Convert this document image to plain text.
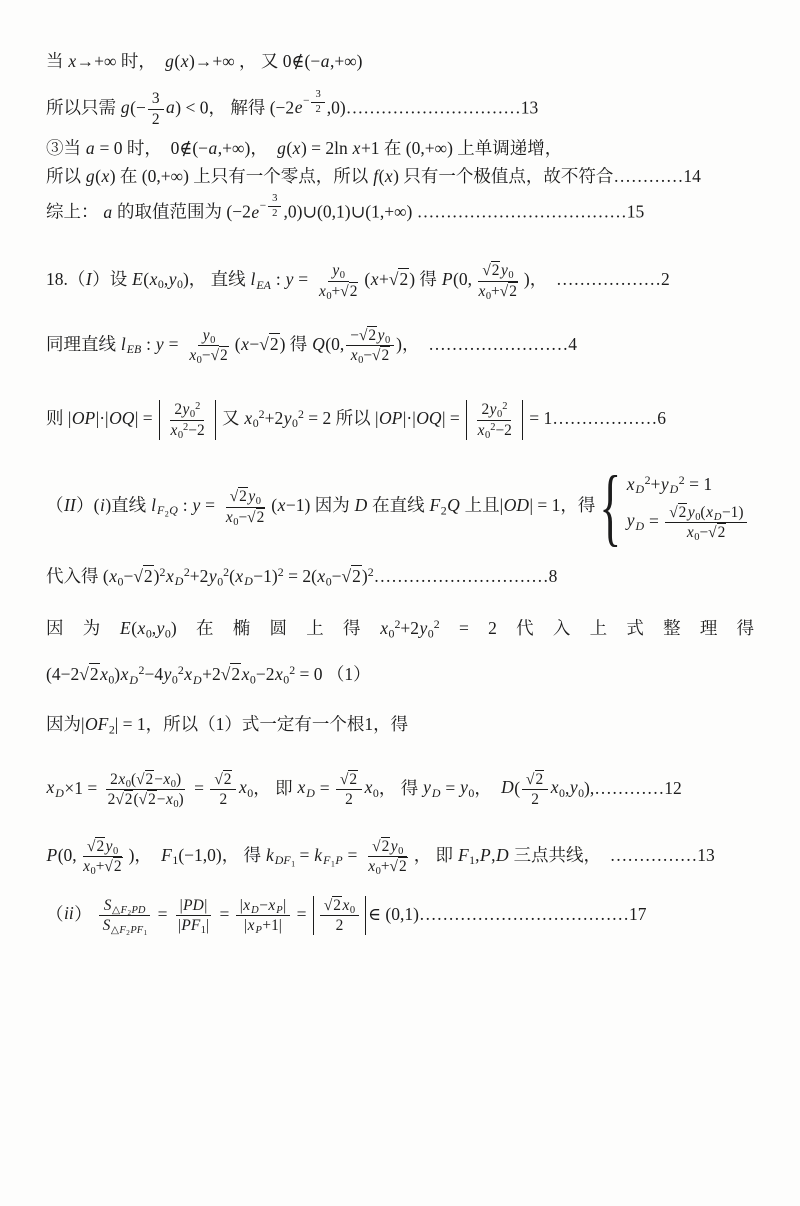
当 x→+∞ 时，  g(x)→+∞ ， 又 0∉(−a,+∞)
所以只需 $g(- \frac{3}{2} a) < 0$， 解得 ($-2e- \frac{3}{2}$ ,0)…………………………13
③当 a = 0 时，  0∉(−a,+∞)，  g(x) = 2ln x+1 在 (0,+∞) 上单调递增，
所以 g(x) 在 (0,+∞) 上只有一个零点，所以 f(x) 只有一个极值点，故不符合…………14
综上： a 的取值范围为 ($-2e- \frac{3}{2}$ ,0)∪(0,1)∪(1,+∞) ………………………………15
18.（I）设 $E(x_0,y_0)$， 直线 $l_{EA}$ : $y = \frac{y_0}{x_0+√2} (x+√2)$ 得 P(0, $\frac{√2y_0}{x_0+√2}$ )，  ………………2
同理直线 $l_{EB}$ : $y = \frac{y_0}{x_0-√2} (x-√2)$ 得 Q(0, $\frac{-√2y_0}{x_0-√2}$ )，  ……………………4
则 $|OP|\cdot|OQ| = \frac{2y_0^2}{x_0^2-2}$ 又 $x_0^2+2y_0^2 = 2$ 所以 $|OP|\cdot|OQ| = \frac{2y_0^2}{x_0^2-2}$ = 1………………6
（II）(i)直线 $l_{F_2Q}$ : $y = \frac{√2y_0}{x_0-√2} (x-1)$ 因为 D 在直线 $F_2Q$ 上且|OD| = 1，得 { $x_D^2+y_D^2 = 1$
$y_D = \frac{√2y_0(x_D-1)}{x_0-√2}$
代入得 $(x_0-√2)^2x_D^2+2y_0^2(x_D-1)^2$ = $2(x_0-√2)^2\dots\dots\dots\dots\dots\dots\dots\dots\dots\dots 8$
因 为 $E(x_0,y_0)$ 在 椭 圆 上 得 $x_0^2+2y_0^2 = 2$ 代 入 上 式 整 理 得
$(4-2√2x_0)x_D^2-4y_0^2x_D+2√2x_0-2x_0^2 = 0$ （1）
因为$|OF_2| = 1$，所以（1）式一定有一个根1，得
$x_D\times 1 = \frac{2x_0(√2-x_0)}{2√2(√2-x_0)} = \frac{√2}{2} x_0$， 即 $x_D = \frac{√2}{2} x_0$， 得 $y_D = y_0$，  $D( \frac{√2}{2}$ $x_0,y_0),\dots\dots\dots\dots 12$
P(0, $\frac{√2y_0}{x_0+√2}$ )，  $F_1(-1,0)$， 得 $k_{DF_1} = k_{F_1P} = \frac{√2y_0}{x_0+√2}$ ， 即 $F_1,P,D$ 三点共线，  ……………13
$(ii) \frac{S_{\triangle F_2PD}}{S_{\triangle F_2PF_1}} = \frac{|PD|}{|PF_1|} = \frac{|x_D-x_P|}{|x_P+1|} = \frac{√2x_0}{2}$ ∈ (0,1)………………………………17
